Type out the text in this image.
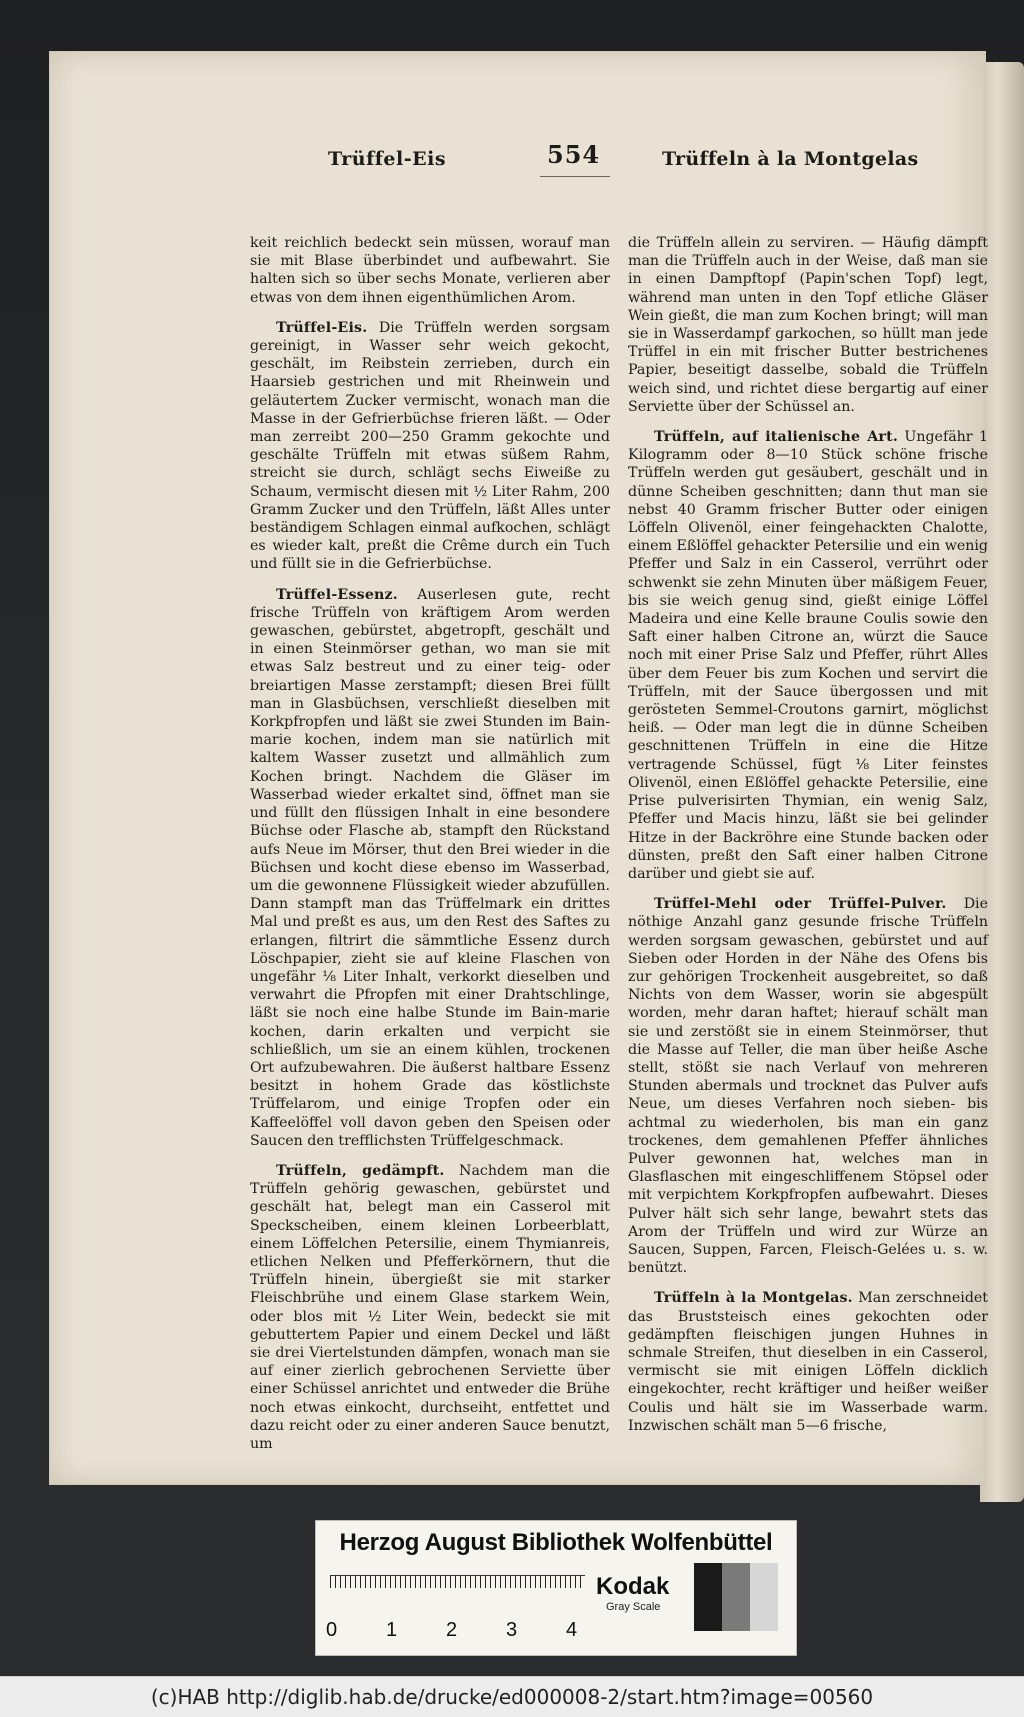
Trüffel-Eis	554	Trüffeln à la Montgelas

keit reichlich bedeckt sein müssen, worauf man sie mit Blase überbindet und aufbewahrt. Sie halten sich so über sechs Monate, verlieren aber etwas von dem ihnen eigenthümlichen Arom.

Trüffel-Eis. Die Trüffeln werden sorgsam gereinigt, in Wasser sehr weich gekocht, geschält, im Reibstein zerrieben, durch ein Haarsieb gestrichen und mit Rheinwein und geläutertem Zucker vermischt, wonach man die Masse in der Gefrierbüchse frieren läßt. — Oder man zerreibt 200—250 Gramm gekochte und geschälte Trüffeln mit etwas süßem Rahm, streicht sie durch, schlägt sechs Eiweiße zu Schaum, vermischt diesen mit ½ Liter Rahm, 200 Gramm Zucker und den Trüffeln, läßt Alles unter beständigem Schlagen einmal aufkochen, schlägt es wieder kalt, preßt die Crême durch ein Tuch und füllt sie in die Gefrierbüchse.

Trüffel-Essenz. Auserlesen gute, recht frische Trüffeln von kräftigem Arom werden gewaschen, gebürstet, abgetropft, geschält und in einen Steinmörser gethan, wo man sie mit etwas Salz bestreut und zu einer teig- oder breiartigen Masse zerstampft; diesen Brei füllt man in Glasbüchsen, verschließt dieselben mit Korkpfropfen und läßt sie zwei Stunden im Bain-marie kochen, indem man sie natürlich mit kaltem Wasser zusetzt und allmählich zum Kochen bringt. Nachdem die Gläser im Wasserbad wieder erkaltet sind, öffnet man sie und füllt den flüssigen Inhalt in eine besondere Büchse oder Flasche ab, stampft den Rückstand aufs Neue im Mörser, thut den Brei wieder in die Büchsen und kocht diese ebenso im Wasserbad, um die gewonnene Flüssigkeit wieder abzufüllen. Dann stampft man das Trüffelmark ein drittes Mal und preßt es aus, um den Rest des Saftes zu erlangen, filtrirt die sämmtliche Essenz durch Löschpapier, zieht sie auf kleine Flaschen von ungefähr ⅛ Liter Inhalt, verkorkt dieselben und verwahrt die Pfropfen mit einer Drahtschlinge, läßt sie noch eine halbe Stunde im Bain-marie kochen, darin erkalten und verpicht sie schließlich, um sie an einem kühlen, trockenen Ort aufzubewahren. Die äußerst haltbare Essenz besitzt in hohem Grade das köstlichste Trüffelarom, und einige Tropfen oder ein Kaffeelöffel voll davon geben den Speisen oder Saucen den trefflichsten Trüffelgeschmack.

Trüffeln, gedämpft. Nachdem man die Trüffeln gehörig gewaschen, gebürstet und geschält hat, belegt man ein Casserol mit Speckscheiben, einem kleinen Lorbeerblatt, einem Löffelchen Petersilie, einem Thymianreis, etlichen Nelken und Pfefferkörnern, thut die Trüffeln hinein, übergießt sie mit starker Fleischbrühe und einem Glase starkem Wein, oder blos mit ½ Liter Wein, bedeckt sie mit gebuttertem Papier und einem Deckel und läßt sie drei Viertelstunden dämpfen, wonach man sie auf einer zierlich gebrochenen Serviette über einer Schüssel anrichtet und entweder die Brühe noch etwas einkocht, durchseiht, entfettet und dazu reicht oder zu einer anderen Sauce benutzt, um

die Trüffeln allein zu serviren. — Häufig dämpft man die Trüffeln auch in der Weise, daß man sie in einen Dampftopf (Papin'schen Topf) legt, während man unten in den Topf etliche Gläser Wein gießt, die man zum Kochen bringt; will man sie in Wasserdampf garkochen, so hüllt man jede Trüffel in ein mit frischer Butter bestrichenes Papier, beseitigt dasselbe, sobald die Trüffeln weich sind, und richtet diese bergartig auf einer Serviette über der Schüssel an.

Trüffeln, auf italienische Art. Ungefähr 1 Kilogramm oder 8—10 Stück schöne frische Trüffeln werden gut gesäubert, geschält und in dünne Scheiben geschnitten; dann thut man sie nebst 40 Gramm frischer Butter oder einigen Löffeln Olivenöl, einer feingehackten Chalotte, einem Eßlöffel gehackter Petersilie und ein wenig Pfeffer und Salz in ein Casserol, verrührt oder schwenkt sie zehn Minuten über mäßigem Feuer, bis sie weich genug sind, gießt einige Löffel Madeira und eine Kelle braune Coulis sowie den Saft einer halben Citrone an, würzt die Sauce noch mit einer Prise Salz und Pfeffer, rührt Alles über dem Feuer bis zum Kochen und servirt die Trüffeln, mit der Sauce übergossen und mit gerösteten Semmel-Croutons garnirt, möglichst heiß. — Oder man legt die in dünne Scheiben geschnittenen Trüffeln in eine die Hitze vertragende Schüssel, fügt ⅛ Liter feinstes Olivenöl, einen Eßlöffel gehackte Petersilie, eine Prise pulverisirten Thymian, ein wenig Salz, Pfeffer und Macis hinzu, läßt sie bei gelinder Hitze in der Backröhre eine Stunde backen oder dünsten, preßt den Saft einer halben Citrone darüber und giebt sie auf.

Trüffel-Mehl oder Trüffel-Pulver. Die nöthige Anzahl ganz gesunde frische Trüffeln werden sorgsam gewaschen, gebürstet und auf Sieben oder Horden in der Nähe des Ofens bis zur gehörigen Trockenheit ausgebreitet, so daß Nichts von dem Wasser, worin sie abgespült worden, mehr daran haftet; hierauf schält man sie und zerstößt sie in einem Steinmörser, thut die Masse auf Teller, die man über heiße Asche stellt, stößt sie nach Verlauf von mehreren Stunden abermals und trocknet das Pulver aufs Neue, um dieses Verfahren noch sieben- bis achtmal zu wiederholen, bis man ein ganz trockenes, dem gemahlenen Pfeffer ähnliches Pulver gewonnen hat, welches man in Glasflaschen mit eingeschliffenem Stöpsel oder mit verpichtem Korkpfropfen aufbewahrt. Dieses Pulver hält sich sehr lange, bewahrt stets das Arom der Trüffeln und wird zur Würze an Saucen, Suppen, Farcen, Fleisch-Gelées u. s. w. benützt.

Trüffeln à la Montgelas. Man zerschneidet das Bruststeisch eines gekochten oder gedämpften fleischigen jungen Huhnes in schmale Streifen, thut dieselben in ein Casserol, vermischt sie mit einigen Löffeln dicklich eingekochter, recht kräftiger und heißer weißer Coulis und hält sie im Wasserbade warm. Inzwischen schält man 5—6 frische,

Herzog August Bibliothek Wolfenbüttel
0 1 2 3 4
Kodak
Gray Scale
(c)HAB http://diglib.hab.de/drucke/ed000008-2/start.htm?image=00560
